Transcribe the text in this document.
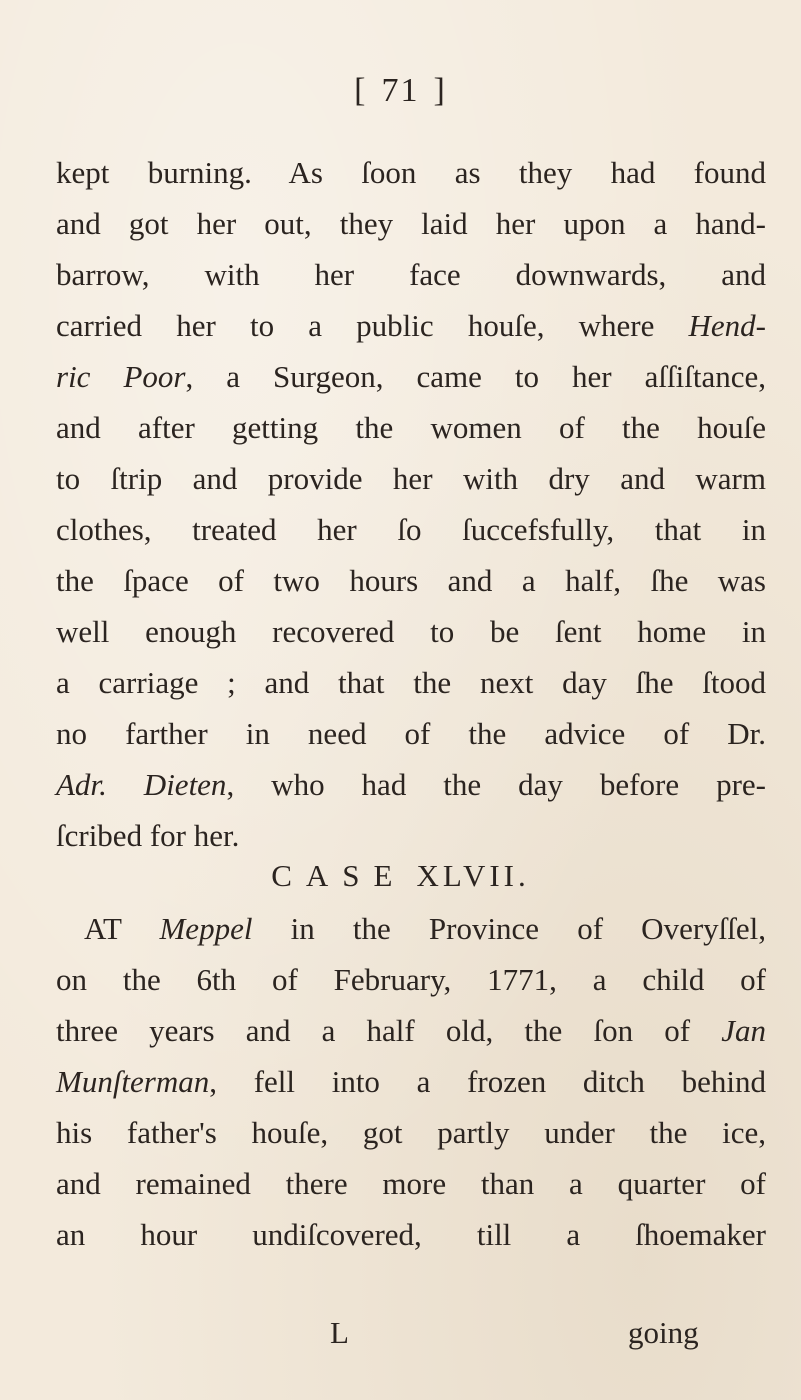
[ 71 ]
kept burning. As ſoon as they had found
and got her out, they laid her upon a hand-
barrow, with her face downwards, and
carried her to a public houſe, where Hend-
ric Poor, a Surgeon, came to her aſſiſtance,
and after getting the women of the houſe
to ſtrip and provide her with dry and warm
clothes, treated her ſo ſuccefsfully, that in
the ſpace of two hours and a half, ſhe was
well enough recovered to be ſent home in
a carriage ; and that the next day ſhe ſtood
no farther in need of the advice of Dr.
Adr. Dieten, who had the day before pre-
ſcribed for her.
CASE XLVII.
AT Meppel in the Province of Overyſſel,
on the 6th of February, 1771, a child of
three years and a half old, the ſon of Jan
Munſterman, fell into a frozen ditch behind
his father's houſe, got partly under the ice,
and remained there more than a quarter of
an hour undiſcovered, till a ſhoemaker
L	going
